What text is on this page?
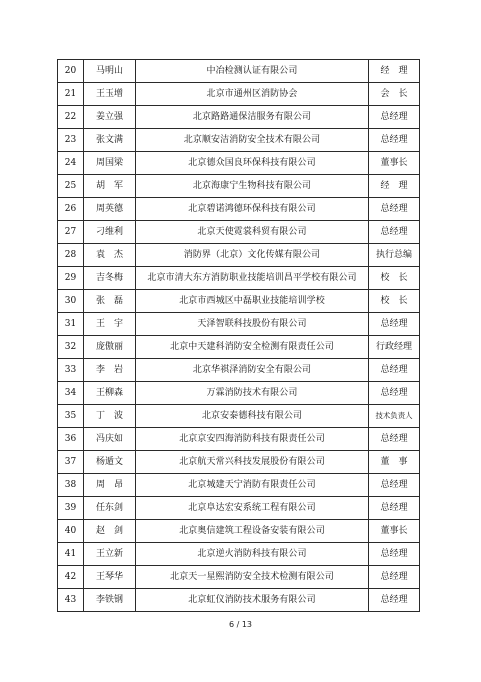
20	马明山	中冶检测认证有限公司	经　理
21	王玉增	北京市通州区消防协会	会　长
22	姜立强	北京路路通保洁服务有限公司	总经理
23	张文满	北京顺安洁消防安全技术有限公司	总经理
24	周国梁	北京德众国良环保科技有限公司	董事长
25	胡　军	北京海康宁生物科技有限公司	经　理
26	周英德	北京碧诺鸿德环保科技有限公司	总经理
27	刁维利	北京天使霓裳科贸有限公司	总经理
28	袁　杰	消防界（北京）文化传媒有限公司	执行总编
29	吉冬梅	北京市清大东方消防职业技能培训昌平学校有限公司	校　长
30	张　磊	北京市西城区中磊职业技能培训学校	校　长
31	王　宇	天泽智联科技股份有限公司	总经理
32	庞傲丽	北京中天建科消防安全检测有限责任公司	行政经理
33	李　岩	北京华祺泽消防安全有限公司	总经理
34	王柳森	万霖消防技术有限公司	总经理
35	丁　波	北京安泰德科技有限公司	技术负责人
36	冯庆如	北京京安四海消防科技有限责任公司	总经理
37	杨遁文	北京航天常兴科技发展股份有限公司	董　事
38	周　昂	北京城建天宁消防有限责任公司	总经理
39	任东剑	北京阜达宏安系统工程有限公司	总经理
40	赵　剑	北京奥信建筑工程设备安装有限公司	董事长
41	王立新	北京逆火消防科技有限公司	总经理
42	王琴华	北京天一星熙消防安全技术检测有限公司	总经理
43	李铁钢	北京虹仪消防技术服务有限公司	总经理
6 / 13
